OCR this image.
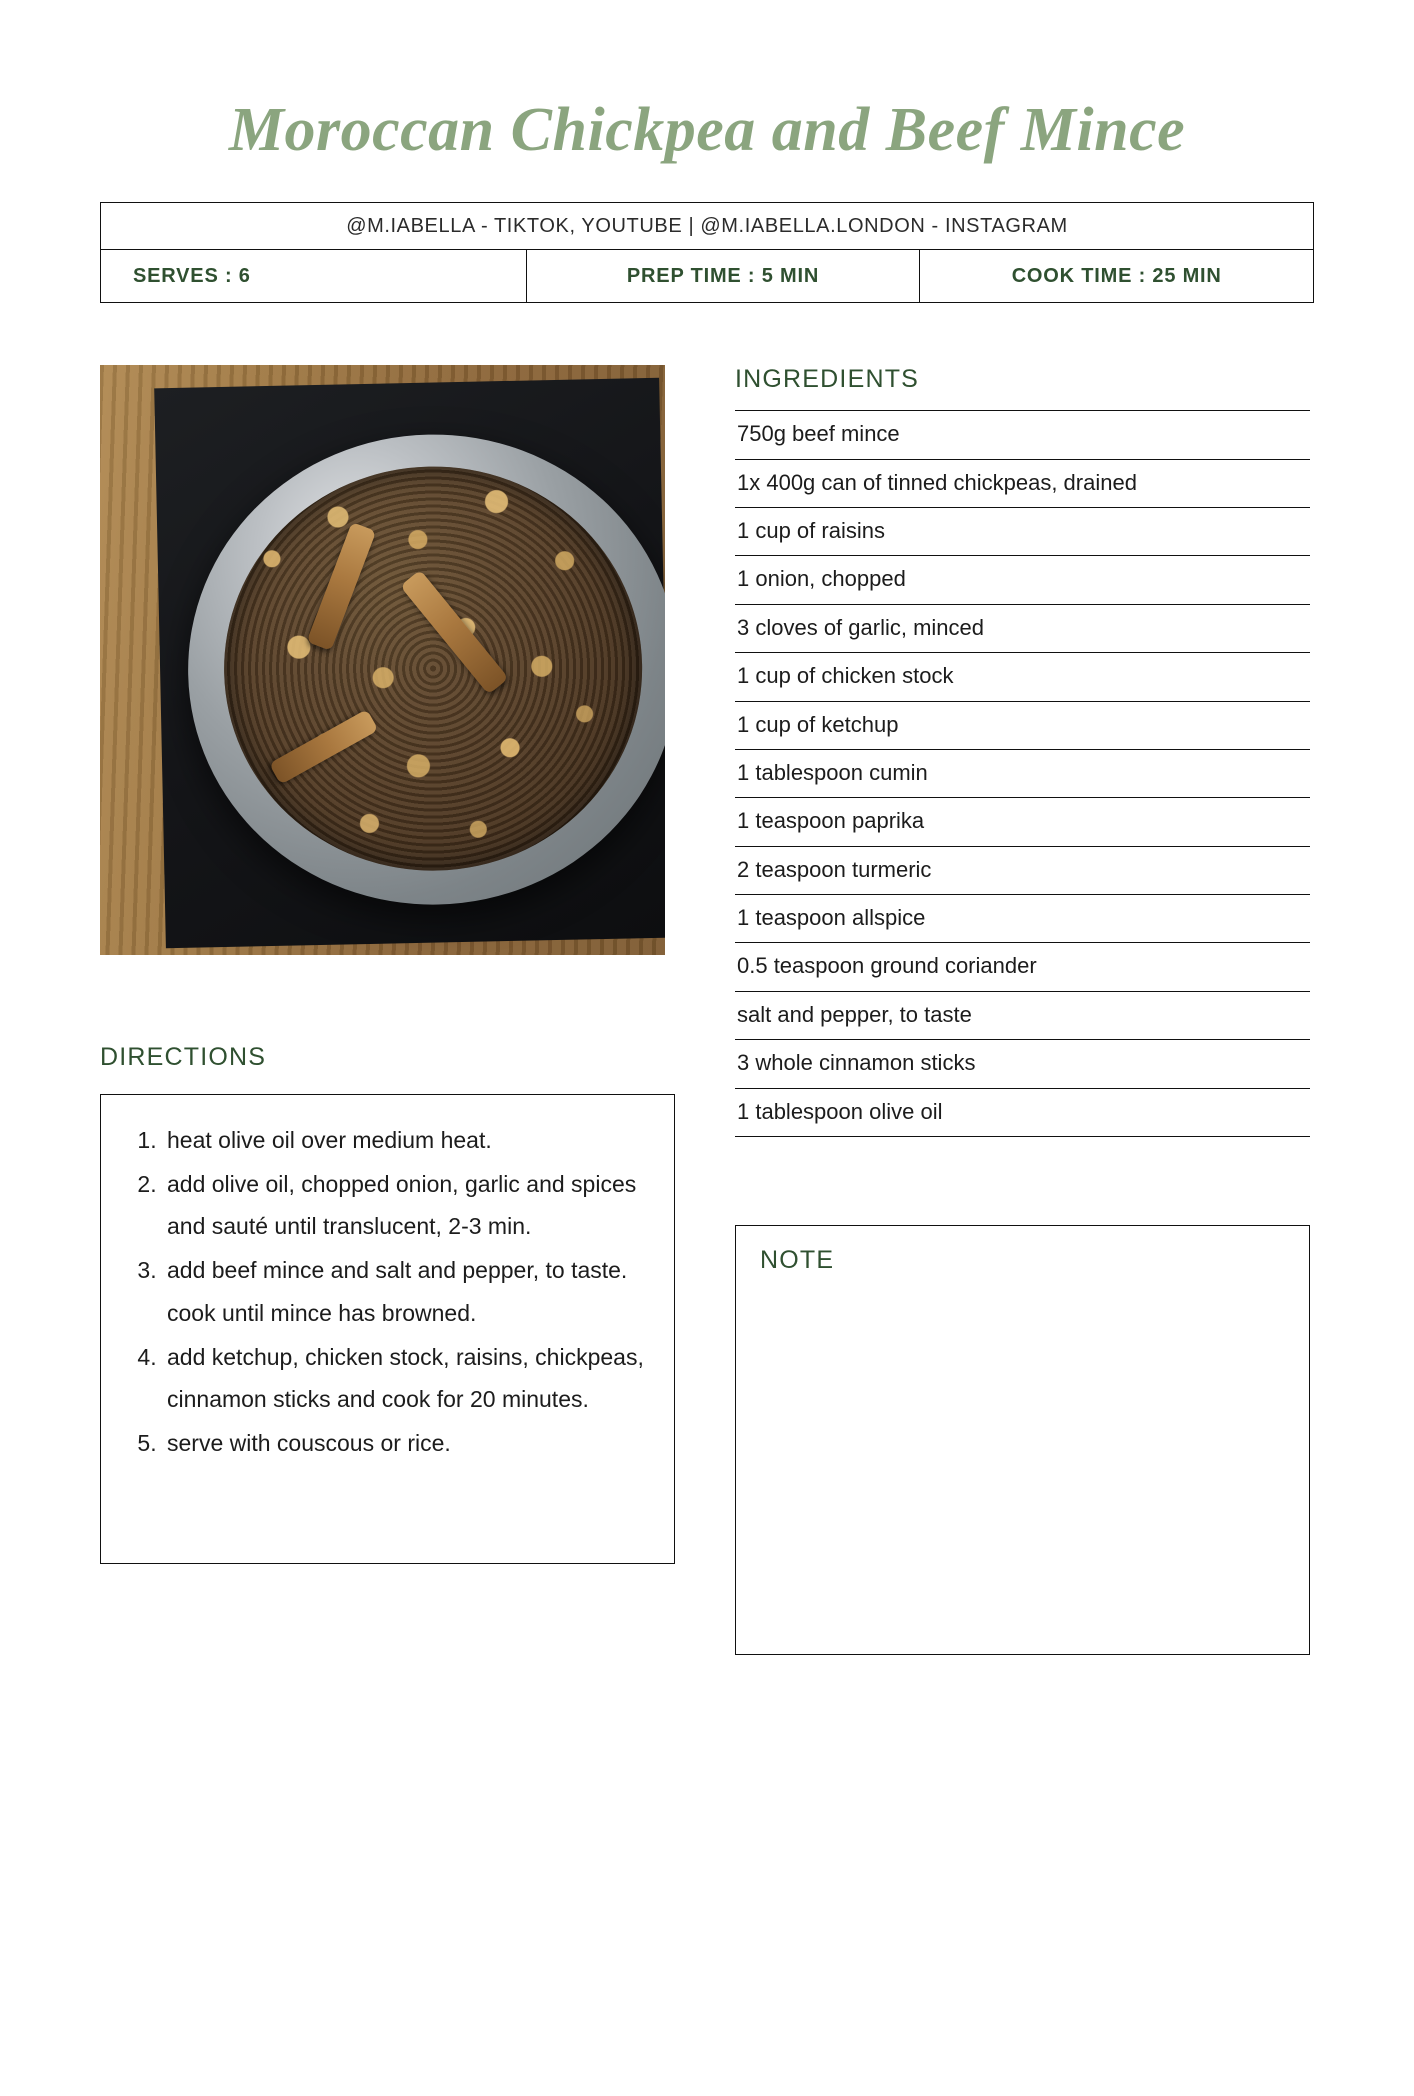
Moroccan Chickpea and Beef Mince
@M.IABELLA - TIKTOK, YOUTUBE | @M.IABELLA.LONDON - INSTAGRAM
SERVES : 6	PREP TIME : 5 MIN	COOK TIME : 25 MIN
DIRECTIONS
1. heat olive oil over medium heat.
2. add olive oil, chopped onion, garlic and spices and sauté until translucent, 2-3 min.
3. add beef mince and salt and pepper, to taste. cook until mince has browned.
4. add ketchup, chicken stock, raisins, chickpeas, cinnamon sticks and cook for 20 minutes.
5. serve with couscous or rice.
INGREDIENTS
750g beef mince
1x 400g can of tinned chickpeas, drained
1 cup of raisins
1 onion, chopped
3 cloves of garlic, minced
1 cup of chicken stock
1 cup of ketchup
1 tablespoon cumin
1 teaspoon paprika
2 teaspoon turmeric
1 teaspoon allspice
0.5 teaspoon ground coriander
salt and pepper, to taste
3 whole cinnamon sticks
1 tablespoon olive oil
NOTE
